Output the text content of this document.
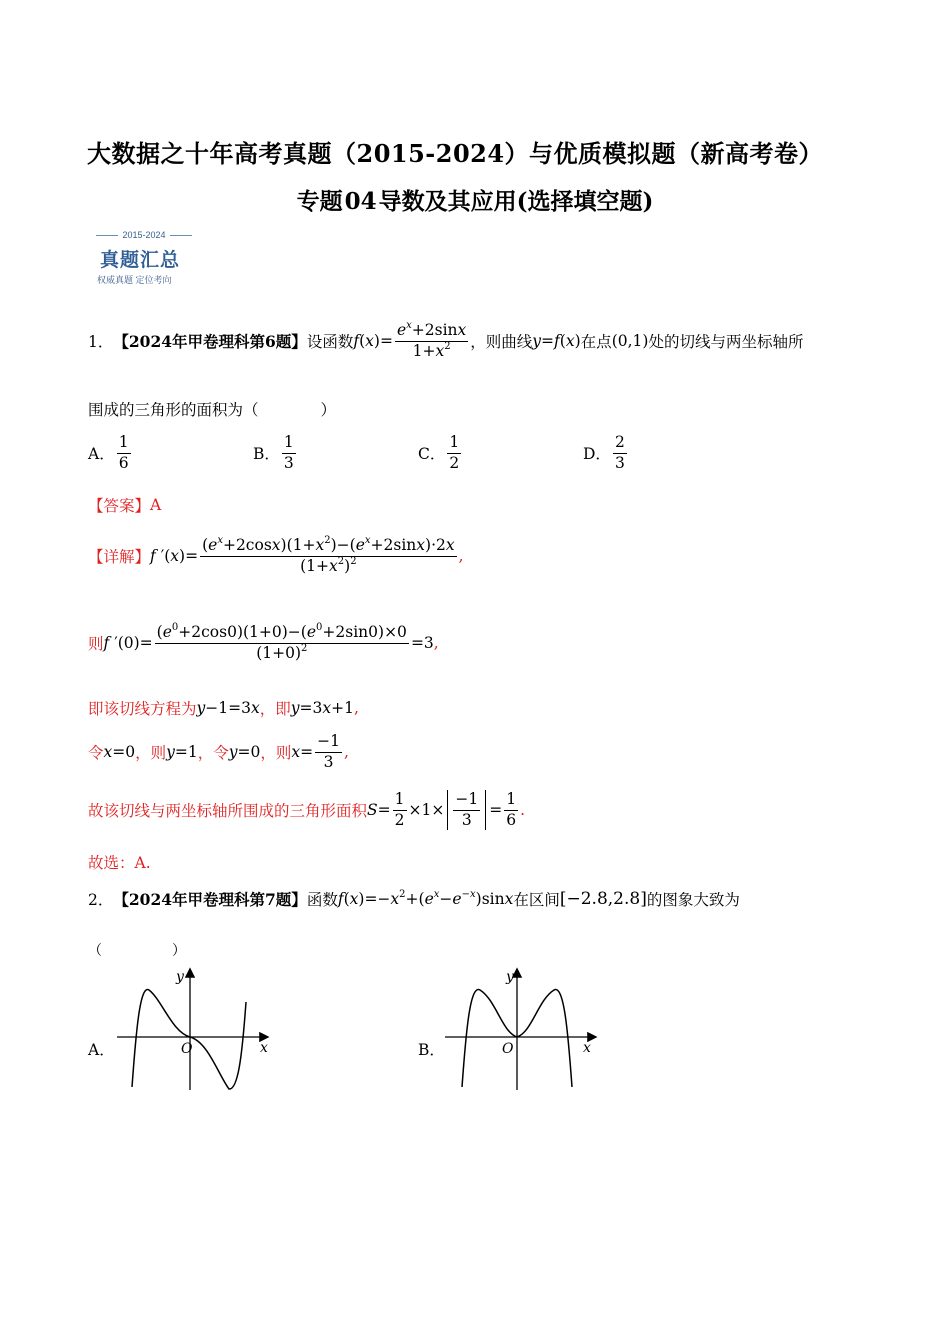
大数据之十年高考真题（2015-2024）与优质模拟题（新高考卷）
专题04导数及其应用(选择填空题)
2015-2024
真题汇总
权威真题 定位考向
1． 【2024年甲卷理科第6题】 设函数 $f(x)= \frac{e^x+2\sin x}{1+x^2}$ ，则曲线 y=f(x) 在点 (0,1) 处的切线与两坐标轴所
围成的三角形的面积为（　　　　）
A． $\frac{1}{6}$	B． $\frac{1}{3}$	C． $\frac{1}{2}$	D． $\frac{2}{3}$
【答案】 A
【详解】 f $'(x)= \frac{(e^x+2\cos x)(1+x^2)-(e^x+2\sin x)\cdot 2x}{(1+x^2)^2}$ ,
则 f $'(0)= \frac{(e^0+2\cos 0)(1+0)-(e^0+2\sin 0)\times 0}{(1+0)^2} =3$ ,
即该切线方程为 y−1=3x ，即 y=3x+1 ,
令 x=0 ，则 y=1 ，令 y=0 ，则 $x= \frac{-1}{3}$ ,
故该切线与两坐标轴所围成的三角形面积 $S= \frac{1}{2} \times 1\times \frac{-1}{3} = \frac{1}{6}$ .
故选：A.
2． 【2024年甲卷理科第7题】 函数 $f(x)=-x^2+(e^x-e^{-x})\sin x$ 在区间 [−2.8,2.8] 的图象大致为
（　　　　　）
A．	O	x
y
B．	O	x
y
